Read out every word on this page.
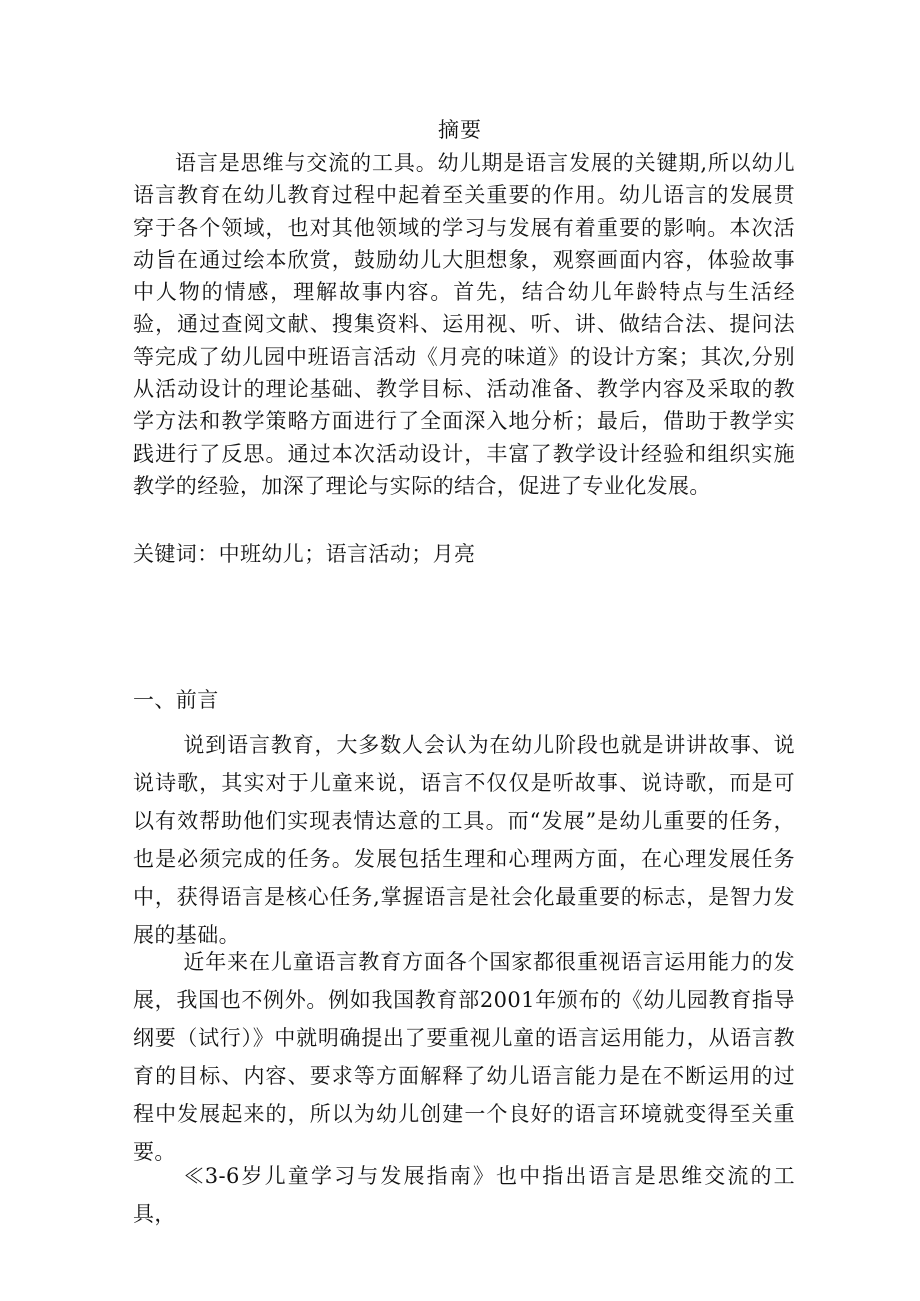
摘要

语言是思维与交流的工具。幼儿期是语言发展的关键期,所以幼儿语言教育在幼儿教育过程中起着至关重要的作用。幼儿语言的发展贯穿于各个领域，也对其他领域的学习与发展有着重要的影响。本次活动旨在通过绘本欣赏，鼓励幼儿大胆想象，观察画面内容，体验故事中人物的情感，理解故事内容。首先，结合幼儿年龄特点与生活经验，通过查阅文献、搜集资料、运用视、听、讲、做结合法、提问法等完成了幼儿园中班语言活动《月亮的味道》的设计方案；其次,分别从活动设计的理论基础、教学目标、活动准备、教学内容及采取的教学方法和教学策略方面进行了全面深入地分析；最后，借助于教学实践进行了反思。通过本次活动设计，丰富了教学设计经验和组织实施教学的经验，加深了理论与实际的结合，促进了专业化发展。

关键词：中班幼儿；语言活动；月亮

一、前言

说到语言教育，大多数人会认为在幼儿阶段也就是讲讲故事、说说诗歌，其实对于儿童来说，语言不仅仅是听故事、说诗歌，而是可以有效帮助他们实现表情达意的工具。而“发展”是幼儿重要的任务，也是必须完成的任务。发展包括生理和心理两方面，在心理发展任务中，获得语言是核心任务,掌握语言是社会化最重要的标志，是智力发展的基础。

近年来在儿童语言教育方面各个国家都很重视语言运用能力的发展，我国也不例外。例如我国教育部2001年颁布的《幼儿园教育指导纲要（试行）》中就明确提出了要重视儿童的语言运用能力，从语言教育的目标、内容、要求等方面解释了幼儿语言能力是在不断运用的过程中发展起来的，所以为幼儿创建一个良好的语言环境就变得至关重要。

≪3-6岁儿童学习与发展指南》也中指出语言是思维交流的工具，
